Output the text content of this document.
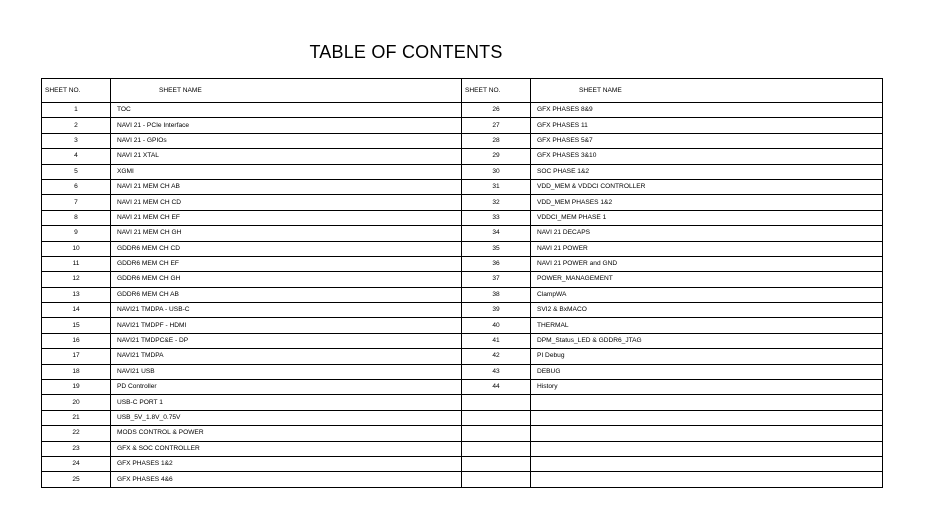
TABLE OF CONTENTS
SHEET NO.	SHEET NAME	SHEET NO.	SHEET NAME
1	TOC	26	GFX PHASES 8&9
2	NAVI 21 - PCIe Interface	27	GFX PHASES 11
3	NAVI 21 - GPIOs	28	GFX PHASES 5&7
4	NAVI 21 XTAL	29	GFX PHASES 3&10
5	XGMI	30	SOC PHASE 1&2
6	NAVI 21 MEM CH AB	31	VDD_MEM & VDDCI CONTROLLER
7	NAVI 21 MEM CH CD	32	VDD_MEM PHASES 1&2
8	NAVI 21 MEM CH EF	33	VDDCI_MEM PHASE 1
9	NAVI 21 MEM CH GH	34	NAVI 21 DECAPS
10	GDDR6 MEM CH CD	35	NAVI 21 POWER
11	GDDR6 MEM CH EF	36	NAVI 21 POWER and GND
12	GDDR6 MEM CH GH	37	POWER_MANAGEMENT
13	GDDR6 MEM CH AB	38	ClampWA
14	NAVI21 TMDPA - USB-C	39	SVI2 & BxMACO
15	NAVI21 TMDPF - HDMI	40	THERMAL
16	NAVI21 TMDPC&E - DP	41	DPM_Status_LED & GDDR6_JTAG
17	NAVI21 TMDPA	42	PI Debug
18	NAVI21 USB	43	DEBUG
19	PD Controller	44	History
20	USB-C PORT 1		
21	USB_5V_1.8V_0.75V		
22	MODS CONTROL & POWER		
23	GFX & SOC CONTROLLER		
24	GFX PHASES 1&2		
25	GFX PHASES 4&6		
